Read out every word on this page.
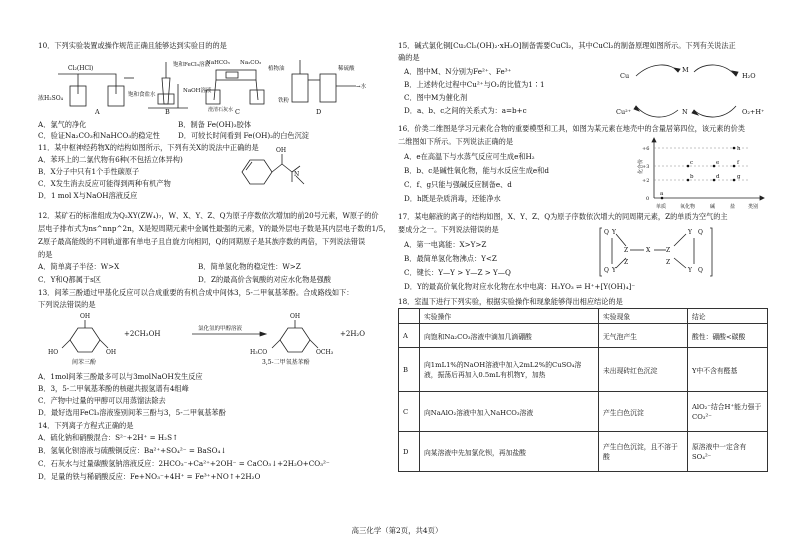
10．下列实验装置或操作规范正确且能够达到实验目的的是
Cl₂(HCl)
浓H₂SO₄	饱和食盐水
A
饱和FeCl₃溶液
NaOH溶液
B
NaHCO₃ Na₂CO₃
澄清石灰水 C
植物油
铁粉
稀硫酸
→水
D
A．氯气的净化	B．制备 Fe(OH)₃胶体
C．验证Na₂CO₃和NaHCO₃的稳定性	D．可较长时间看到 Fe(OH)₂的白色沉淀
11．某中枢神经药物X的结构如图所示，下列有关X的说法中正确的是
A．苯环上的二氯代物有6种(不包括立体异构)
B．X分子中只有1个手性碳原子
C．X发生消去反应可能得到两种有机产物
D．1 mol X与NaOH溶液反应
OH
N
12．某矿石的标准组成为Q₂XY(ZW₄)₇，W、X、Y、Z、Q为原子序数依次增加的前20号元素，W原子的价
层电子排布式为ns^nnp^2n，X是短周期元素中金属性最强的元素，Y的最外层电子数是其内层电子数的1/5，
Z原子最高能级的不同轨道都有单电子且自旋方向相同，Q的同期原子是其族序数的两倍，下列说法错误
的是
A．简单离子半径：W>X	B．简单氢化物的稳定性：W>Z
C．Y和Q都属于s区	D．Z的最高价含氧酸的对应水化物是强酸
13．间苯三酚通过甲基化反应可以合成重要的有机合成中间体3，5-二甲氧基苯酚。合成路线如下：
下列说法错误的是
OH
HO	OH
+2CH₃OH
氯化氢的甲醇溶液
OH
H₃CO	OCH₃
+2H₂O
间苯三酚	3,5-二甲氧基苯酚
A．1mol间苯三酚最多可以与3molNaOH发生反应
B．3，5-二甲氧基苯酚的核磁共振氢谱有4组峰
C．产物中过量的甲醇可以用蒸馏法除去
D．最好选用FeCl₃溶液鉴别间苯三酚与3，5-二甲氧基苯酚
14．下列离子方程式正确的是
A．硫化钠和硝酸混合：S²⁻+2H⁺ = H₂S↑
B．氢氧化钡溶液与硫酸铜反应：Ba²⁺+SO₄²⁻ = BaSO₄↓
C．石灰水与过量碳酸氢钠溶液反应：2HCO₃⁻+Ca²⁺+2OH⁻ = CaCO₃↓+2H₂O+CO₃²⁻
D．足量的铁与稀硝酸反应：Fe+NO₃⁻+4H⁺ = Fe³⁺+NO↑+2H₂O
15．碱式氯化铜[Cu₂Cl₂(OH)₂·xH₂O]制备需要CuCl₂，其中CuCl₂的制备原理如图所示。下列有关说法正
确的是
A．图中M、N分别为Fe²⁺、Fe³⁺
B．上述转化过程中Cu²⁺与O₂的比值为1∶1
C．图中M为催化剂
D．a、b、c之间的关系式为：a=b+c
Cu
Cu²⁺
M
N
H₂O
O₂+H⁺
16．价类二维图是学习元素化合物的重要模型和工具，如图为某元素在地壳中的含量居第四位，该元素的价类
二维图如下所示。下列说法正确的是
A．e在高温下与水蒸气反应可生成e和H₂
B．b、c是碱性氧化物，能与水反应生成e和d
C．f、g只能与强碱反应制备e、d
D．h既是杂质消毒，还能净水
化合价
+6
+3
+2
0
单质	氧化物	碱	盐	类别
h
a
b
c
d
e	f
g
17．某电解液的离子的结构如图，X、Y、Z、Q为原子序数依次增大的同周期元素，Z的单质为空气的主
要成分之一。下列说法错误的是
A．第一电离能：X>Y>Z
B．最简单氢化物沸点：Y<Z
C．键长：Y—Y > Y—Z > Y—Q
D．Y的最高价氧化物对应水化物在水中电离：H₃YO₃ ⇌ H⁺+[Y(OH)₄]⁻
Q Y
Z	X	Z
Y Q
Q Y
Z	Z
Y Q
18．室温下进行下列实验，根据实验操作和现象能够得出相应结论的是
	实验操作	实验现象	结论
A	向饱和Na₂CO₃溶液中滴加几滴硼酸	无气泡产生	酸性：硼酸<碳酸
B	向1mL1%的NaOH溶液中加入2mL2%的CuSO₄溶液，振荡后再加入0.5mL有机物Y，加热	未出现砖红色沉淀	Y中不含有醛基
C	向NaAlO₂溶液中加入NaHCO₃溶液	产生白色沉淀	AlO₂⁻结合H⁺能力强于CO₃²⁻
D	向某溶液中先加氯化钡，再加盐酸	产生白色沉淀，且不溶于酸	原溶液中一定含有SO₄²⁻
高三化学（第2页，共4页）
